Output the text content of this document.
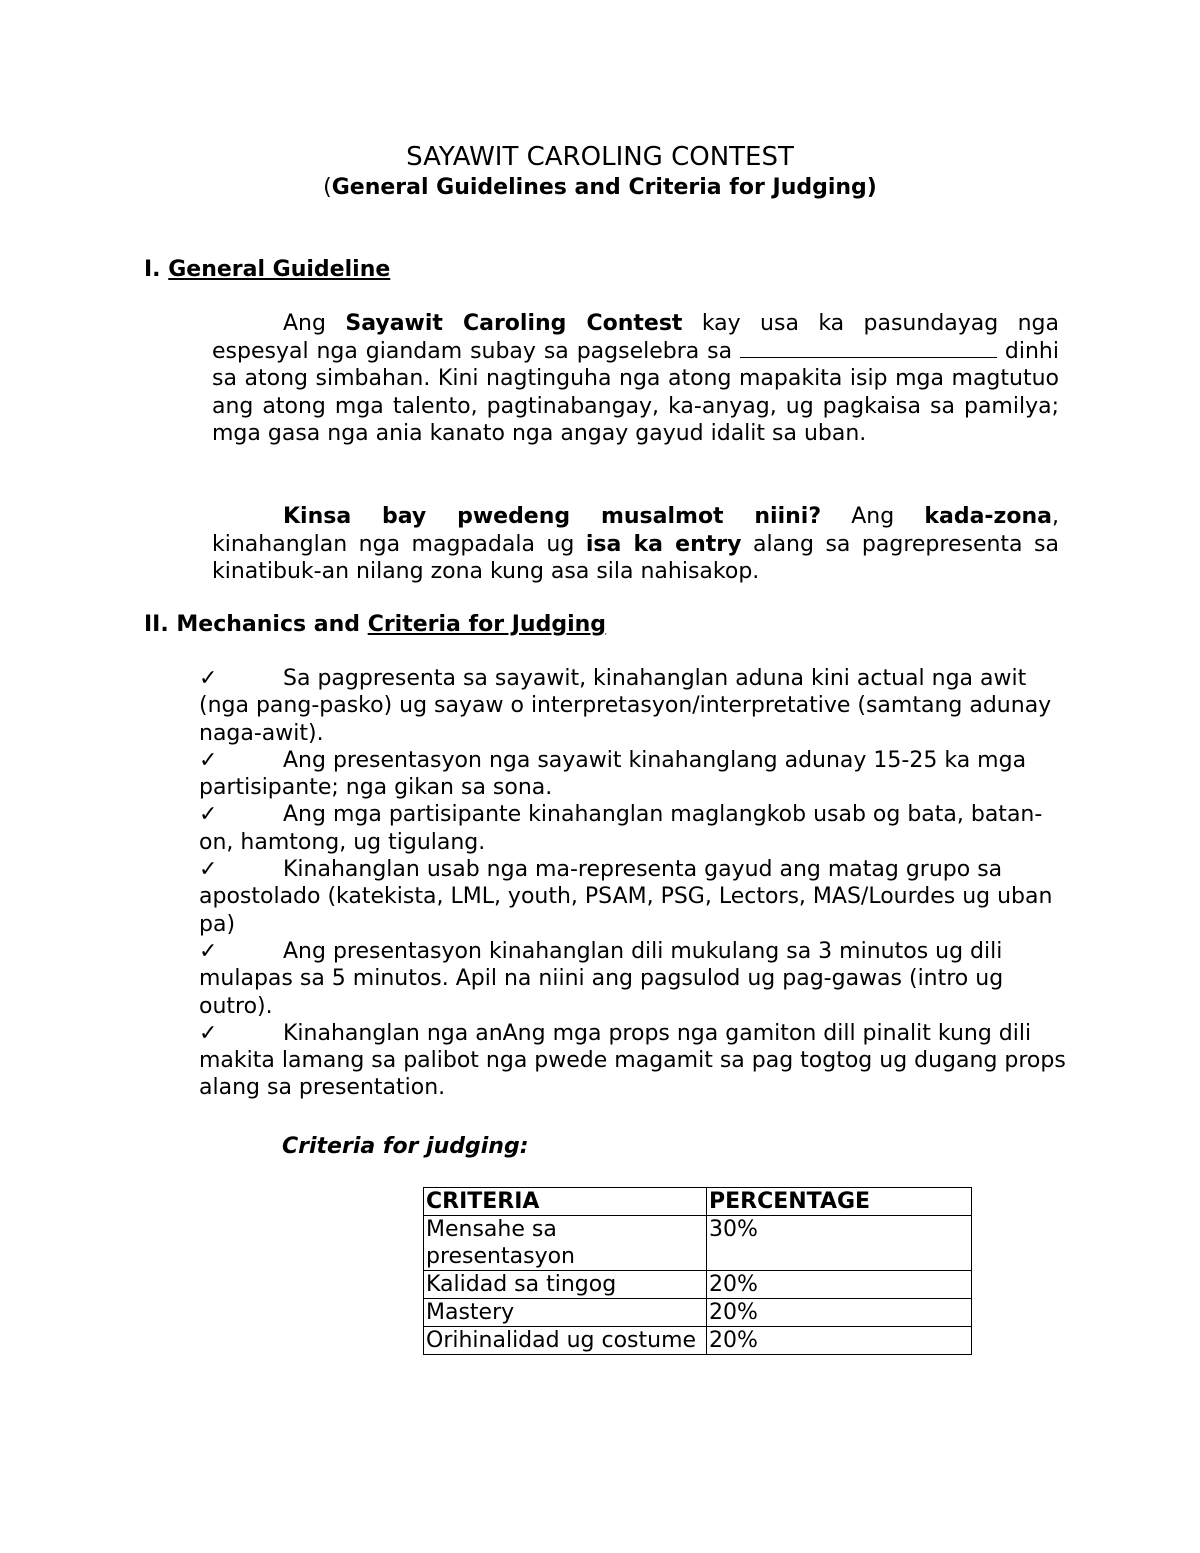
SAYAWIT CAROLING CONTEST
(General Guidelines and Criteria for Judging)
I. General Guideline

Ang Sayawit Caroling Contest kay usa ka pasundayag nga espesyal nga giandam subay sa pagselebra sa	dinhi sa atong simbahan. Kini nagtinguha nga atong mapakita isip mga magtutuo ang atong mga talento, pagtinabangay, ka-anyag, ug pagkaisa sa pamilya; mga gasa nga ania kanato nga angay gayud idalit sa uban.

Kinsa bay pwedeng musalmot niini? Ang kada-zona, kinahanglan nga magpadala ug isa ka entry alang sa pagrepresenta sa kinatibuk-an nilang zona kung asa sila nahisakop.

II. Mechanics and Criteria for Judging
✓	Sa pagpresenta sa sayawit, kinahanglan aduna kini actual nga awit (nga pang-pasko) ug sayaw o interpretasyon/interpretative (samtang adunay naga-awit).
✓	Ang presentasyon nga sayawit kinahanglang adunay 15-25 ka mga partisipante; nga gikan sa sona.
✓	Ang mga partisipante kinahanglan maglangkob usab og bata, batan-on, hamtong, ug tigulang.
✓	Kinahanglan usab nga ma-representa gayud ang matag grupo sa apostolado (katekista, LML, youth, PSAM, PSG, Lectors, MAS/Lourdes ug uban pa)
✓	Ang presentasyon kinahanglan dili mukulang sa 3 minutos ug dili mulapas sa 5 minutos. Apil na niini ang pagsulod ug pag-gawas (intro ug outro).
✓	Kinahanglan nga anAng mga props nga gamiton dill pinalit kung dili makita lamang sa palibot nga pwede magamit sa pag togtog ug dugang props alang sa presentation.
Criteria for judging:
CRITERIA	PERCENTAGE
Mensahe sa presentasyon	30%
Kalidad sa tingog	20%
Mastery	20%
Orihinalidad ug costume	20%
